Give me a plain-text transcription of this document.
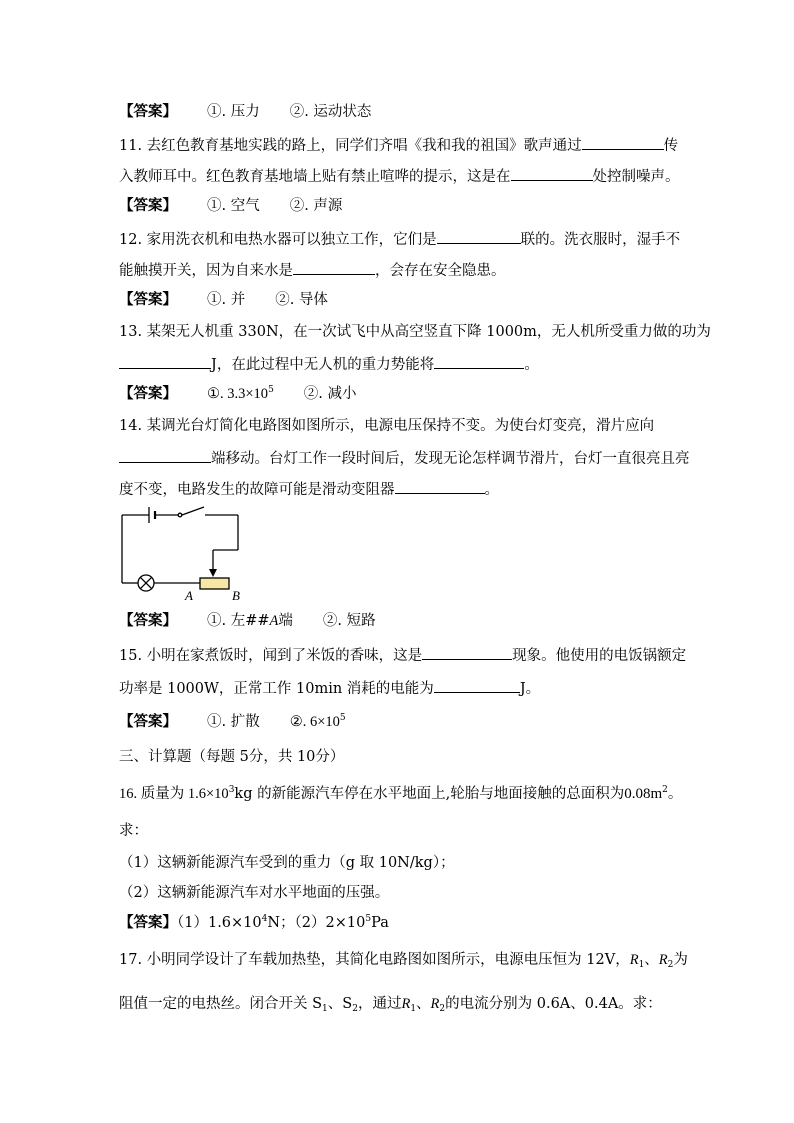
【答案】 ①. 压力 ②. 运动状态
11. 去红色教育基地实践的路上，同学们齐唱《我和我的祖国》歌声通过	传
入教师耳中。红色教育基地墙上贴有禁止喧哗的提示，这是在	处控制噪声。
【答案】 ①. 空气 ②. 声源
12. 家用洗衣机和电热水器可以独立工作，它们是	联的。洗衣服时，湿手不
能触摸开关，因为自来水是	，会存在安全隐患。
【答案】 ①. 并 ②. 导体
13. 某架无人机重 330N，在一次试飞中从高空竖直下降 1000m，无人机所受重力做的功为
J，在此过程中无人机的重力势能将	。
【答案】 ①. $3.3\times 10^5$ ②. 减小
14. 某调光台灯简化电路图如图所示，电源电压保持不变。为使台灯变亮，滑片应向
端移动。台灯工作一段时间后，发现无论怎样调节滑片，台灯一直很亮且亮
度不变，电路发生的故障可能是滑动变阻器	。
A	B
【答案】 ①. 左##A端 ②. 短路
15. 小明在家煮饭时，闻到了米饭的香味，这是	现象。他使用的电饭锅额定
功率是 1000W，正常工作 10min 消耗的电能为	J。
【答案】 ①. 扩散 ②. $6\times 10^5$
三、计算题（每题 5分，共 10分）
16. 质量为 $1.6\times 10^3kg$ 的新能源汽车停在水平地面上,轮胎与地面接触的总面积为$0.08m^2$。
求：
（1）这辆新能源汽车受到的重力（g 取 10N/kg）；
（2）这辆新能源汽车对水平地面的压强。
【答案】$(1)1.6\times 10^4N$；$(2)2\times 10^5Pa$
17. 小明同学设计了车载加热垫，其简化电路图如图所示，电源电压恒为 12V，$R_1$、$R_2$为
阻值一定的电热丝。闭合开关 $S_1$、$S_2$，通过$R_1$、$R_2$的电流分别为 0.6A、0.4A。求：
